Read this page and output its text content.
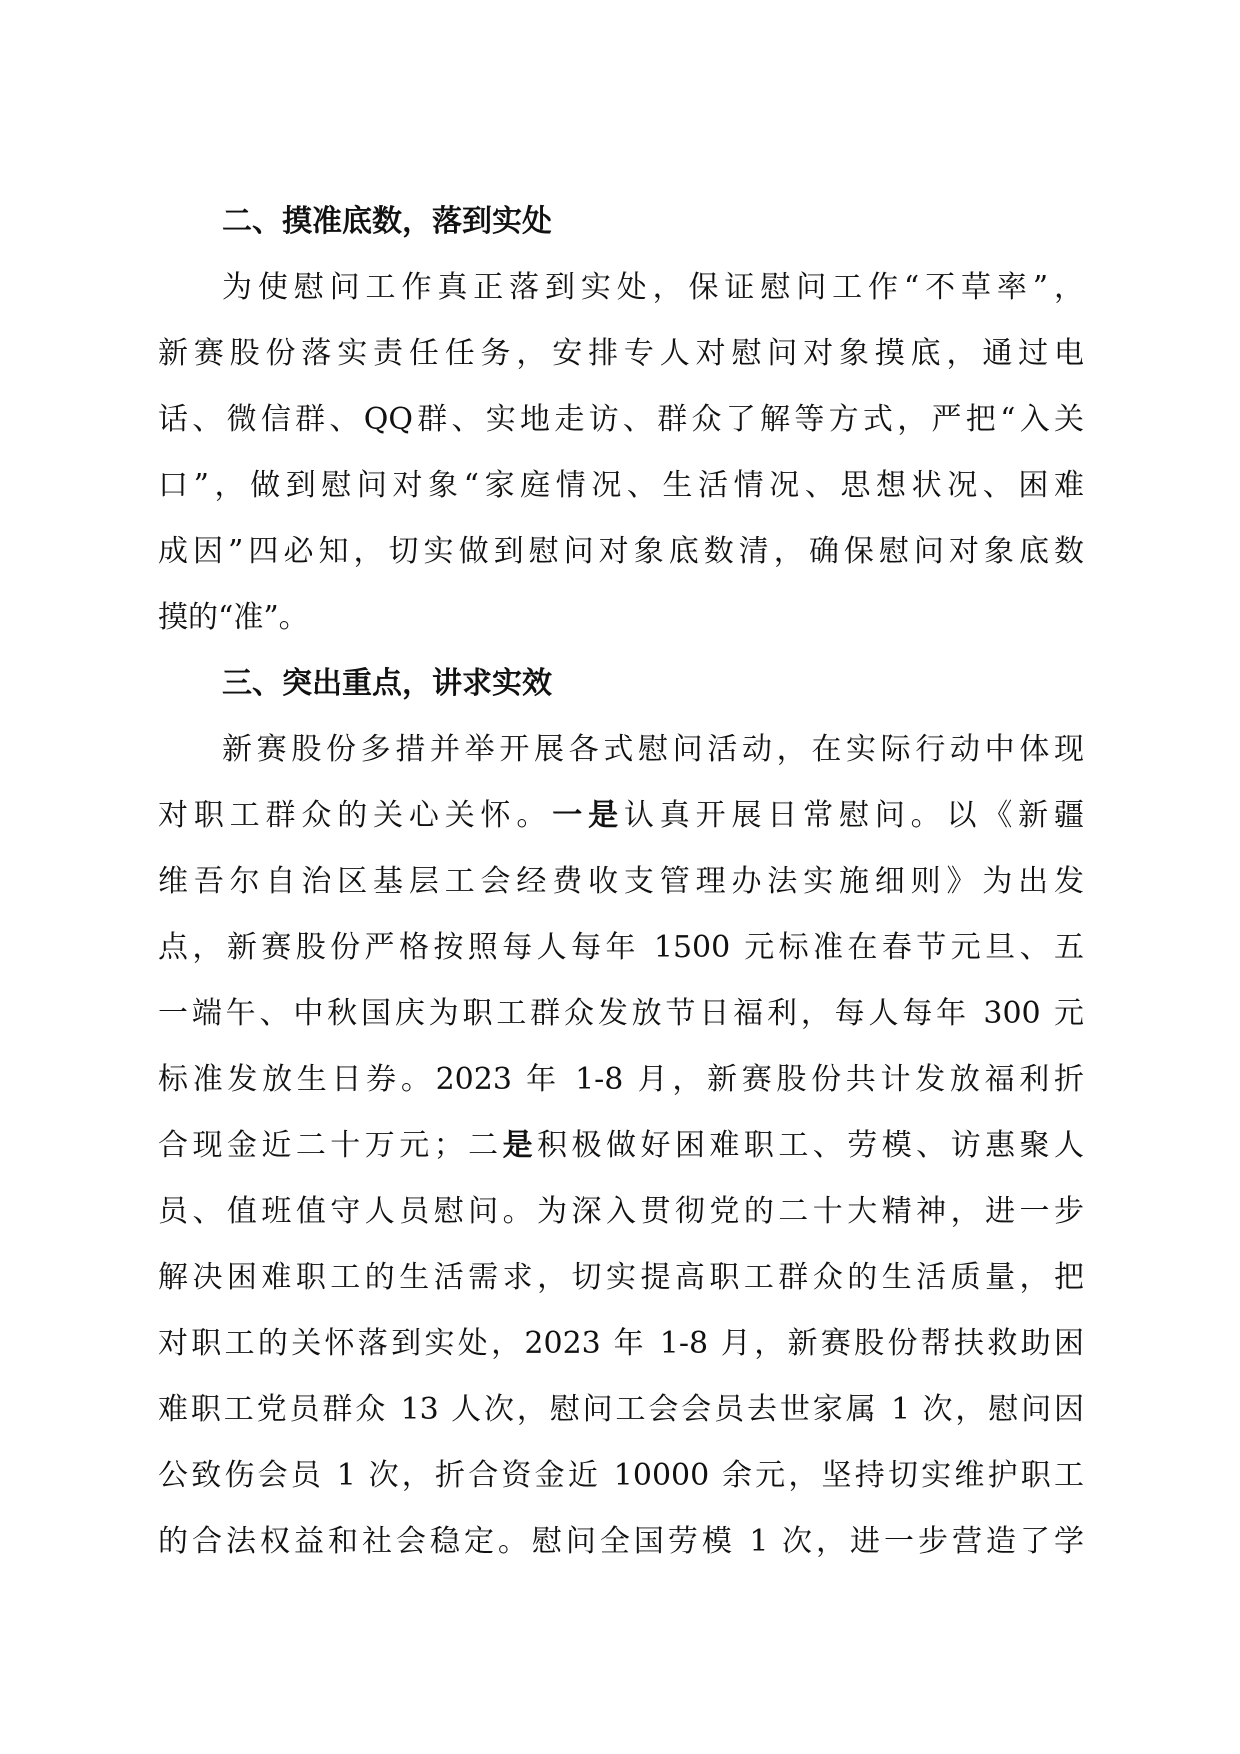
二、摸准底数，落到实处
为使慰问工作真正落到实处，保证慰问工作“不草率”，
新赛股份落实责任任务，安排专人对慰问对象摸底，通过电
话、微信群、QQ群、实地走访、群众了解等方式，严把“入关
口”，做到慰问对象“家庭情况、生活情况、思想状况、困难
成因”四必知，切实做到慰问对象底数清，确保慰问对象底数
摸的“准”。
三、突出重点，讲求实效
新赛股份多措并举开展各式慰问活动，在实际行动中体现
对职工群众的关心关怀。一是认真开展日常慰问。以《新疆
维吾尔自治区基层工会经费收支管理办法实施细则》为出发
点，新赛股份严格按照每人每年 1500 元标准在春节元旦、五
一端午、中秋国庆为职工群众发放节日福利，每人每年 300 元
标准发放生日券。2023 年 1-8 月，新赛股份共计发放福利折
合现金近二十万元；二是积极做好困难职工、劳模、访惠聚人
员、值班值守人员慰问。为深入贯彻党的二十大精神，进一步
解决困难职工的生活需求，切实提高职工群众的生活质量，把
对职工的关怀落到实处，2023 年 1-8 月，新赛股份帮扶救助困
难职工党员群众 13 人次，慰问工会会员去世家属 1 次，慰问因
公致伤会员 1 次，折合资金近 10000 余元，坚持切实维护职工
的合法权益和社会稳定。慰问全国劳模 1 次，进一步营造了学
